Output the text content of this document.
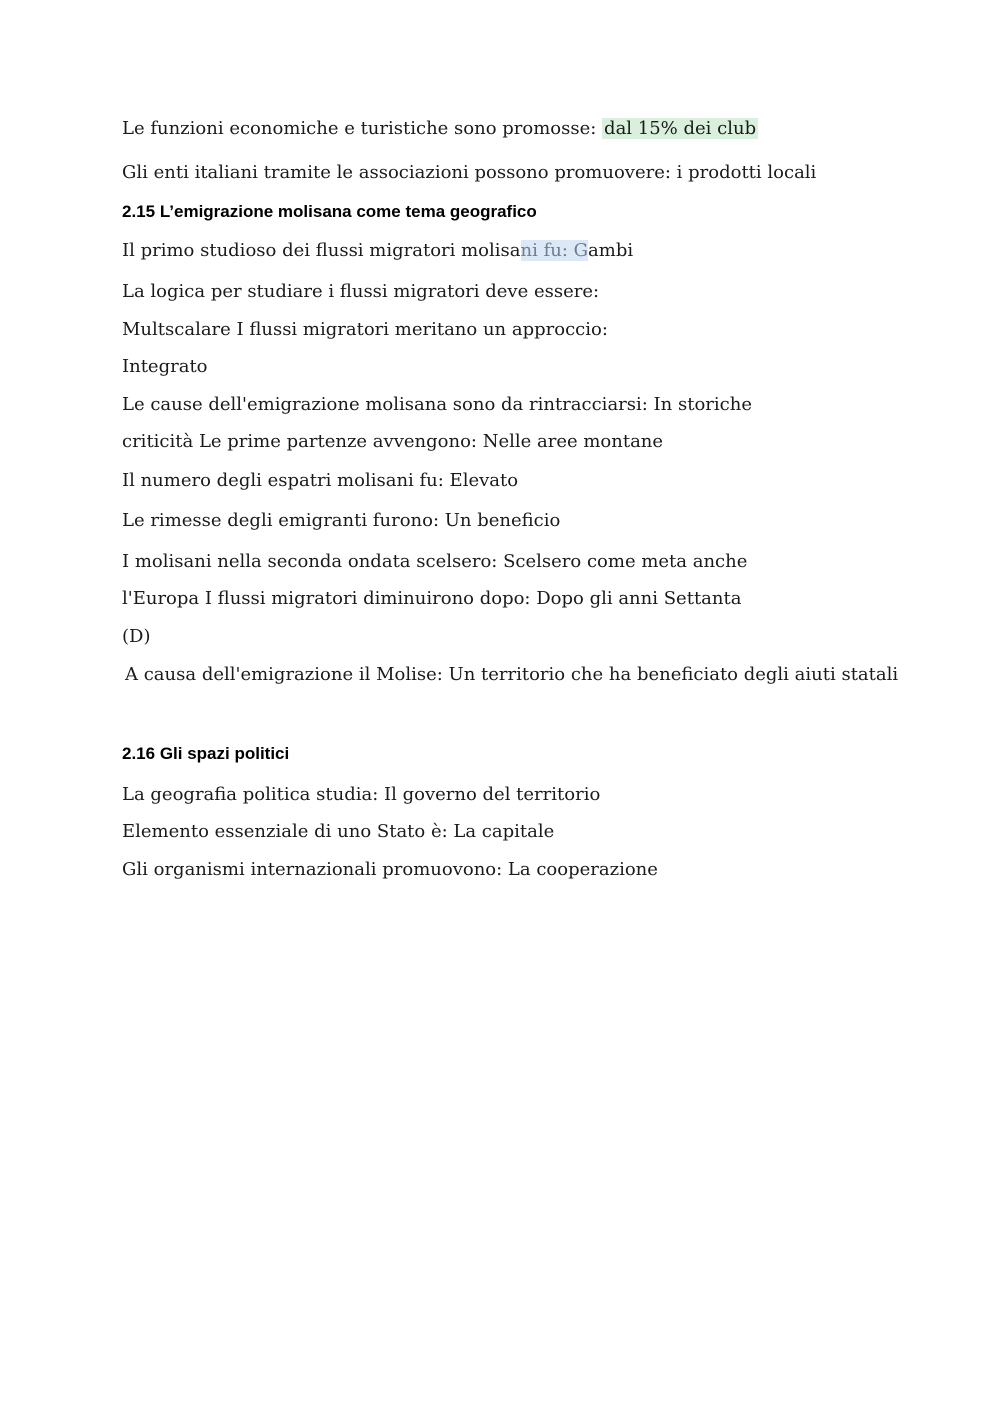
Le funzioni economiche e turistiche sono promosse: dal 15% dei club
Gli enti italiani tramite le associazioni possono promuovere: i prodotti locali
2.15 L’emigrazione molisana come tema geografico
Il primo studioso dei flussi migratori molisani fu: Gambi
La logica per studiare i flussi migratori deve essere:
Multscalare I flussi migratori meritano un approccio:
Integrato
Le cause dell'emigrazione molisana sono da rintracciarsi: In storiche
criticità Le prime partenze avvengono: Nelle aree montane
Il numero degli espatri molisani fu: Elevato
Le rimesse degli emigranti furono: Un beneficio
I molisani nella seconda ondata scelsero: Scelsero come meta anche
l'Europa I flussi migratori diminuirono dopo: Dopo gli anni Settanta
(D)
A causa dell'emigrazione il Molise: Un territorio che ha beneficiato degli aiuti statali
2.16 Gli spazi politici
La geografia politica studia: Il governo del territorio
Elemento essenziale di uno Stato è: La capitale
Gli organismi internazionali promuovono: La cooperazione
